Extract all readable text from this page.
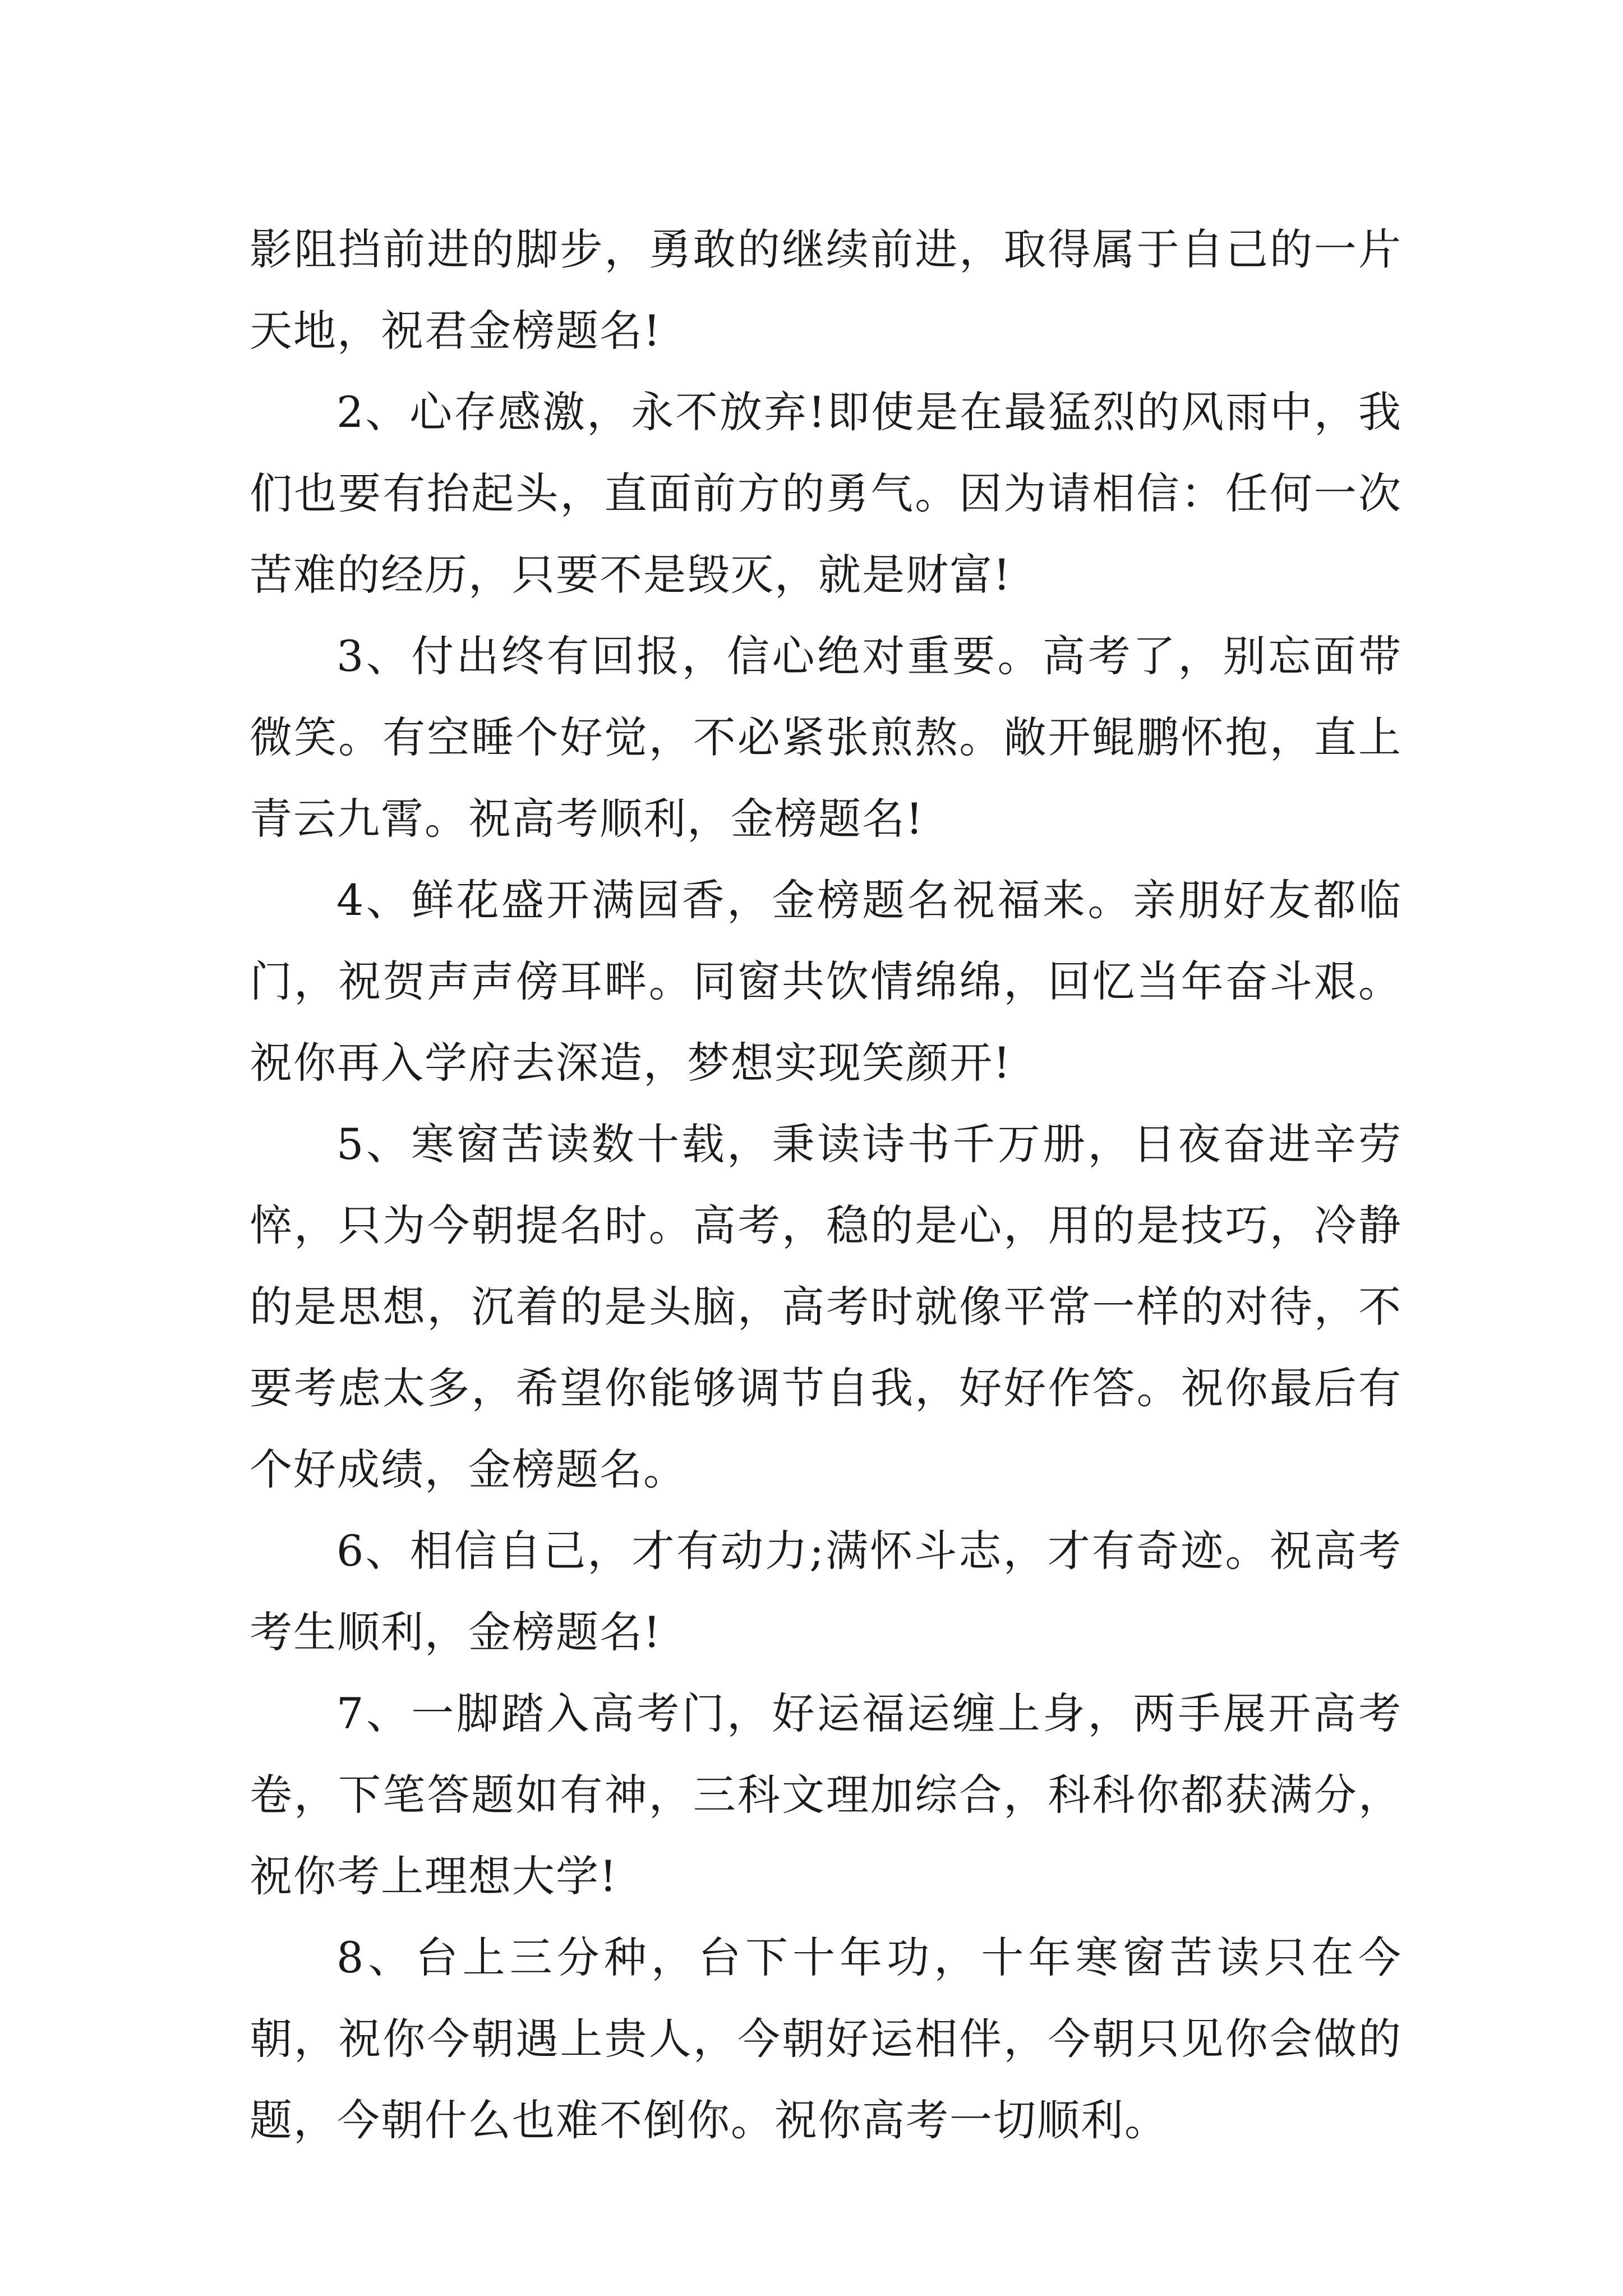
影阻挡前进的脚步，勇敢的继续前进，取得属于自己的一片天地，祝君金榜题名!

2、心存感激，永不放弃!即使是在最猛烈的风雨中，我们也要有抬起头，直面前方的勇气。因为请相信：任何一次苦难的经历，只要不是毁灭，就是财富!

3、付出终有回报，信心绝对重要。高考了，别忘面带微笑。有空睡个好觉，不必紧张煎熬。敞开鲲鹏怀抱，直上青云九霄。祝高考顺利，金榜题名!

4、鲜花盛开满园香，金榜题名祝福来。亲朋好友都临门，祝贺声声傍耳畔。同窗共饮情绵绵，回忆当年奋斗艰。祝你再入学府去深造，梦想实现笑颜开!

5、寒窗苦读数十载，秉读诗书千万册，日夜奋进辛劳悴，只为今朝提名时。高考，稳的是心，用的是技巧，冷静的是思想，沉着的是头脑，高考时就像平常一样的对待，不要考虑太多，希望你能够调节自我，好好作答。祝你最后有个好成绩，金榜题名。

6、相信自己，才有动力;满怀斗志，才有奇迹。祝高考考生顺利，金榜题名!

7、一脚踏入高考门，好运福运缠上身，两手展开高考卷，下笔答题如有神，三科文理加综合，科科你都获满分，祝你考上理想大学!

8、台上三分种，台下十年功，十年寒窗苦读只在今朝，祝你今朝遇上贵人，今朝好运相伴，今朝只见你会做的题，今朝什么也难不倒你。祝你高考一切顺利。
